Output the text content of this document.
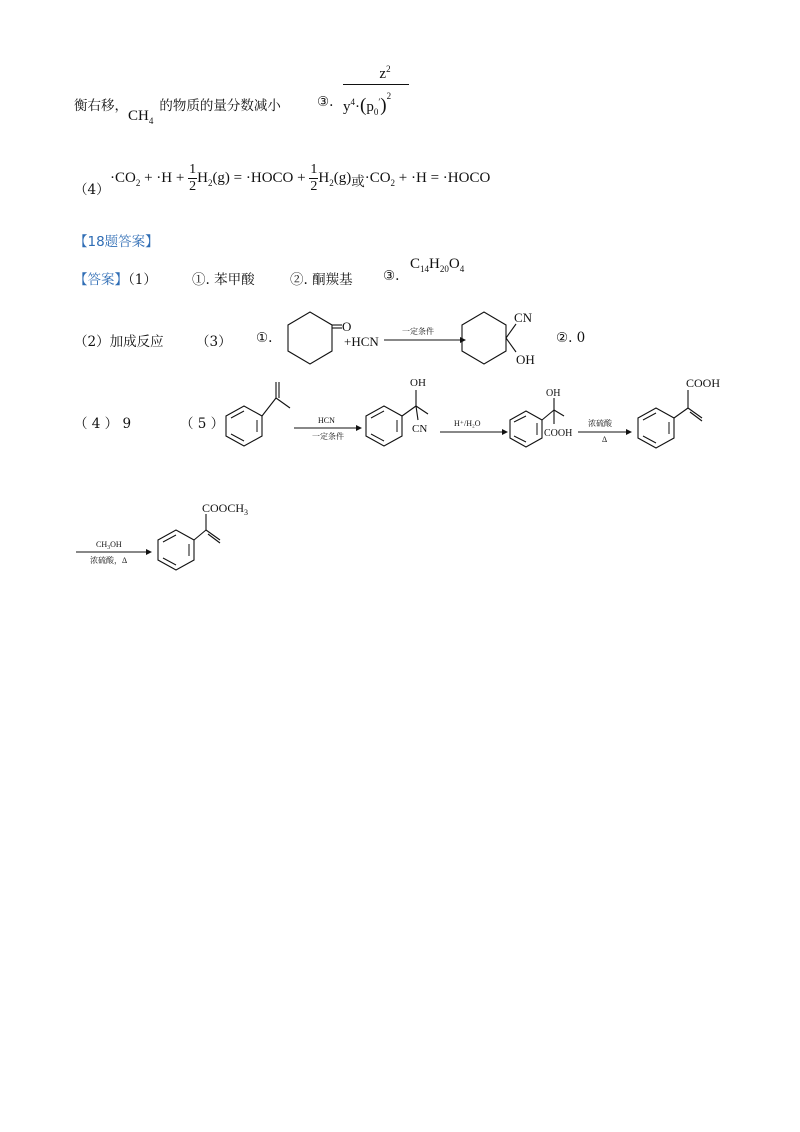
衡右移，$CH_4$的物质的量分数减小	③.
$z^2$
$y^4\cdot(p_0')^2$
（4）
$\cdot CO_2 + \cdot H + \frac{1}{2} H_2(g)$ = ·HOCO + $\frac{1}{2} H_2(g)$或$\cdot CO_2 + \cdot H$ = ·HOCO
【18题答案】
【答案】（1）	①. 苯甲酸	②. 酮羰基 ③.
$C_{14}H_{20}O_4$
（2）加成反应 （3） ①.
O
+HCN
一定条件
CN
OH
②. 0
（ 4 ） 9	（ 5 ）	HCN
一定条件
OH
CN	H⁺/H₂O
OH
COOH
浓硫酸
Δ
COOH
$CH_3OH$
浓硫酸，Δ
$COOCH_3$
